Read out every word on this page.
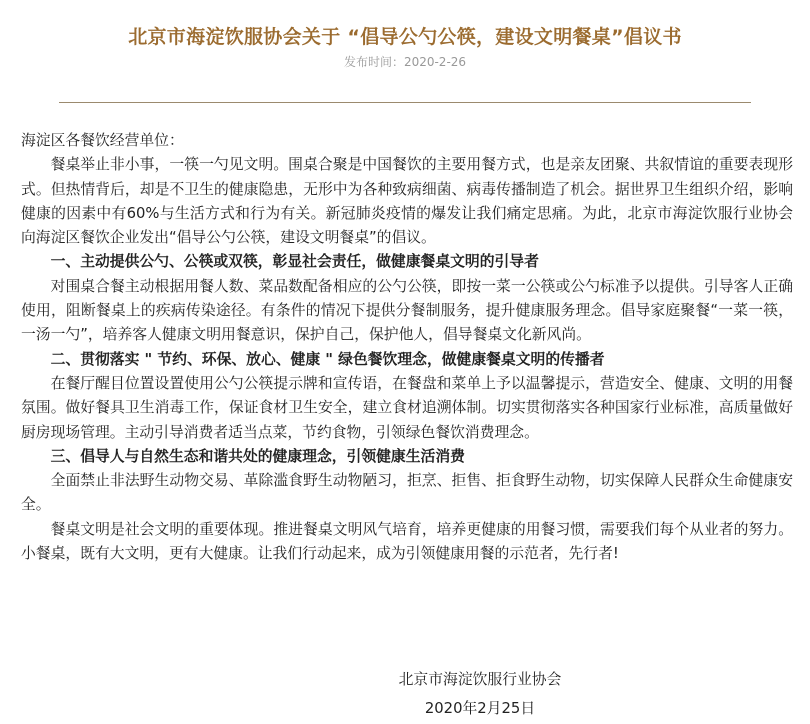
北京市海淀饮服协会关于 “倡导公勺公筷，建设文明餐桌”倡议书
发布时间：2020-2-26

海淀区各餐饮经营单位：

餐桌举止非小事，一筷一勺见文明。围桌合聚是中国餐饮的主要用餐方式，也是亲友团聚、共叙情谊的重要表现形式。但热情背后，却是不卫生的健康隐患，无形中为各种致病细菌、病毒传播制造了机会。据世界卫生组织介绍，影响健康的因素中有60%与生活方式和行为有关。新冠肺炎疫情的爆发让我们痛定思痛。为此，北京市海淀饮服行业协会向海淀区餐饮企业发出“倡导公勺公筷，建设文明餐桌”的倡议。

一、主动提供公勺、公筷或双筷，彰显社会责任，做健康餐桌文明的引导者

对围桌合餐主动根据用餐人数、菜品数配备相应的公勺公筷，即按一菜一公筷或公勺标准予以提供。引导客人正确使用，阻断餐桌上的疾病传染途径。有条件的情况下提供分餐制服务，提升健康服务理念。倡导家庭聚餐“一菜一筷，一汤一勺”，培养客人健康文明用餐意识，保护自己，保护他人，倡导餐桌文化新风尚。

二、贯彻落实 " 节约、环保、放心、健康 " 绿色餐饮理念，做健康餐桌文明的传播者

在餐厅醒目位置设置使用公勺公筷提示牌和宣传语，在餐盘和菜单上予以温馨提示，营造安全、健康、文明的用餐氛围。做好餐具卫生消毒工作，保证食材卫生安全，建立食材追溯体制。切实贯彻落实各种国家行业标准，高质量做好厨房现场管理。主动引导消费者适当点菜，节约食物，引领绿色餐饮消费理念。

三、倡导人与自然生态和谐共处的健康理念，引领健康生活消费

全面禁止非法野生动物交易、革除滥食野生动物陋习，拒烹、拒售、拒食野生动物，切实保障人民群众生命健康安全。

餐桌文明是社会文明的重要体现。推进餐桌文明风气培育，培养更健康的用餐习惯，需要我们每个从业者的努力。小餐桌，既有大文明，更有大健康。让我们行动起来，成为引领健康用餐的示范者，先行者!

北京市海淀饮服行业协会
2020年2月25日
